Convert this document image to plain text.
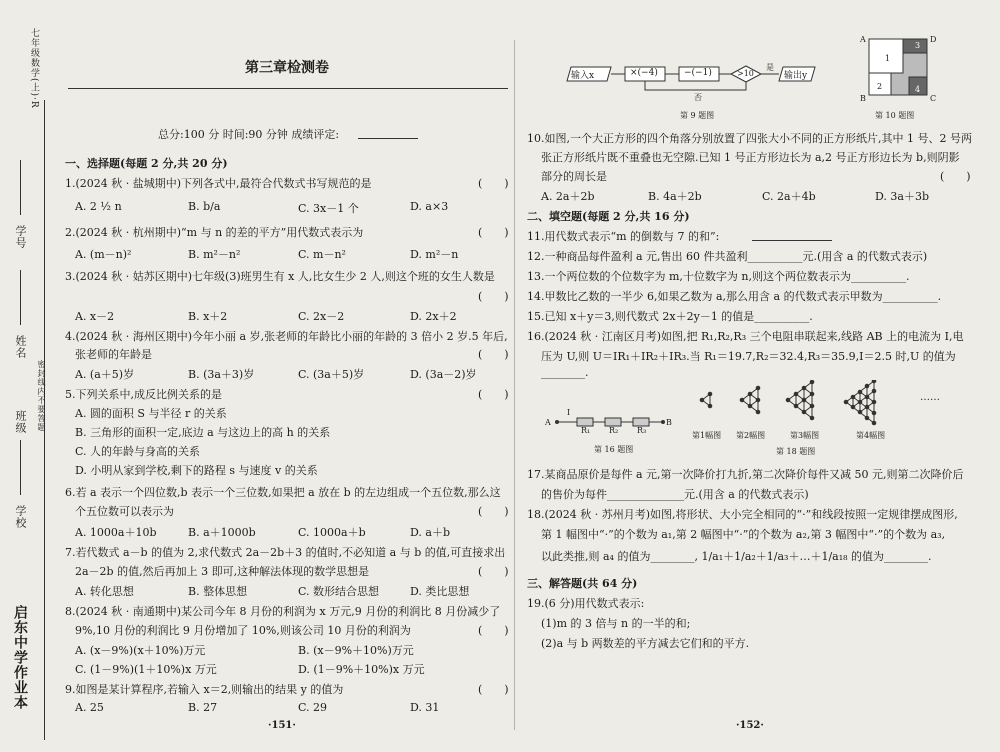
七年级数学(上)·R
学号
姓名
密封线内不要答题
班级
学校
启东中学作业本
第三章检测卷
总分:100 分 时间:90 分钟 成绩评定:
一、选择题(每题 2 分,共 20 分)
1.(2024 秋 · 盐城期中)下列各式中,最符合代数式书写规范的是	(　　)
A. 2 ½ n	B. b/a	C. 3x－1 个	D. a×3
2.(2024 秋 · 杭州期中)“m 与 n 的差的平方”用代数式表示为	(　　)
A. (m－n)²	B. m²－n²	C. m－n²	D. m²－n
3.(2024 秋 · 姑苏区期中)七年级(3)班男生有 x 人,比女生少 2 人,则这个班的女生人数是
(　　)
A. x－2	B. x＋2	C. 2x－2	D. 2x＋2
4.(2024 秋 · 海州区期中)今年小丽 a 岁,张老师的年龄比小丽的年龄的 3 倍小 2 岁.5 年后,
张老师的年龄是	(　　)
A. (a＋5)岁	B. (3a＋3)岁	C. (3a＋5)岁	D. (3a－2)岁
5.下列关系中,成反比例关系的是	(　　)
A. 圆的面积 S 与半径 r 的关系
B. 三角形的面积一定,底边 a 与这边上的高 h 的关系
C. 人的年龄与身高的关系
D. 小明从家到学校,剩下的路程 s 与速度 v 的关系
6.若 a 表示一个四位数,b 表示一个三位数,如果把 a 放在 b 的左边组成一个五位数,那么这
个五位数可以表示为	(　　)
A. 1000a＋10b	B. a＋1000b	C. 1000a＋b	D. a＋b
7.若代数式 a－b 的值为 2,求代数式 2a－2b＋3 的值时,不必知道 a 与 b 的值,可直接求出
2a－2b 的值,然后再加上 3 即可,这种解法体现的数学思想是	(　　)
A. 转化思想	B. 整体思想	C. 数形结合思想	D. 类比思想
8.(2024 秋 · 南通期中)某公司今年 8 月份的利润为 x 万元,9 月份的利润比 8 月份减少了
9%,10 月份的利润比 9 月份增加了 10%,则该公司 10 月份的利润为	(　　)
A. (x－9%)(x＋10%)万元	B. (x－9%＋10%)万元
C. (1－9%)(1＋10%)x 万元	D. (1－9%＋10%)x 万元
9.如图是某计算程序,若输入 x＝2,则输出的结果 y 的值为	(　　)
A. 25	B. 27	C. 29	D. 31
·151·
输入x	×(−4)	−(−1)	>10	输出y
是
否
第 9 题图
1
2
3
4
A
B	C
D
第 10 题图
10.如图,一个大正方形的四个角落分别放置了四张大小不同的正方形纸片,其中 1 号、2 号两
张正方形纸片既不重叠也无空隙.已知 1 号正方形边长为 a,2 号正方形边长为 b,则阴影
部分的周长是	(　　)
A. 2a＋2b	B. 4a＋2b	C. 2a＋4b	D. 3a＋3b
二、填空题(每题 2 分,共 16 分)
11.用代数式表示“m 的倒数与 7 的和”:
12.一种商品每件盈利 a 元,售出 60 件共盈利__________元.(用含 a 的代数式表示)
13.一个两位数的个位数字为 m,十位数字为 n,则这个两位数表示为__________.
14.甲数比乙数的一半少 6,如果乙数为 a,那么用含 a 的代数式表示甲数为__________.
15.已知 x＋y＝3,则代数式 2x＋2y－1 的值是__________.
16.(2024 秋 · 江南区月考)如图,把 R₁,R₂,R₃ 三个电阻串联起来,线路 AB 上的电流为 I,电
压为 U,则 U＝IR₁＋IR₂＋IR₃.当 R₁＝19.7,R₂＝32.4,R₃＝35.9,I＝2.5 时,U 的值为
________.
A
I
R₁ R₂ R₃
B
第 16 题图
……
第1幅图 第2幅图	第3幅图	第4幅图
第 18 题图
17.某商品原价是每件 a 元,第一次降价打九折,第二次降价每件又减 50 元,则第二次降价后
的售价为每件______________元.(用含 a 的代数式表示)
18.(2024 秋 · 苏州月考)如图,将形状、大小完全相同的“·”和线段按照一定规律摆成图形,
第 1 幅图中“·”的个数为 a₁,第 2 幅图中“·”的个数为 a₂,第 3 幅图中“·”的个数为 a₃,
以此类推,则 a₄ 的值为________, 1/a₁＋1/a₂＋1/a₃＋…＋1/a₁₈ 的值为________.
三、解答题(共 64 分)
19.(6 分)用代数式表示:
(1)m 的 3 倍与 n 的一半的和;
(2)a 与 b 两数差的平方减去它们和的平方.
·152·
